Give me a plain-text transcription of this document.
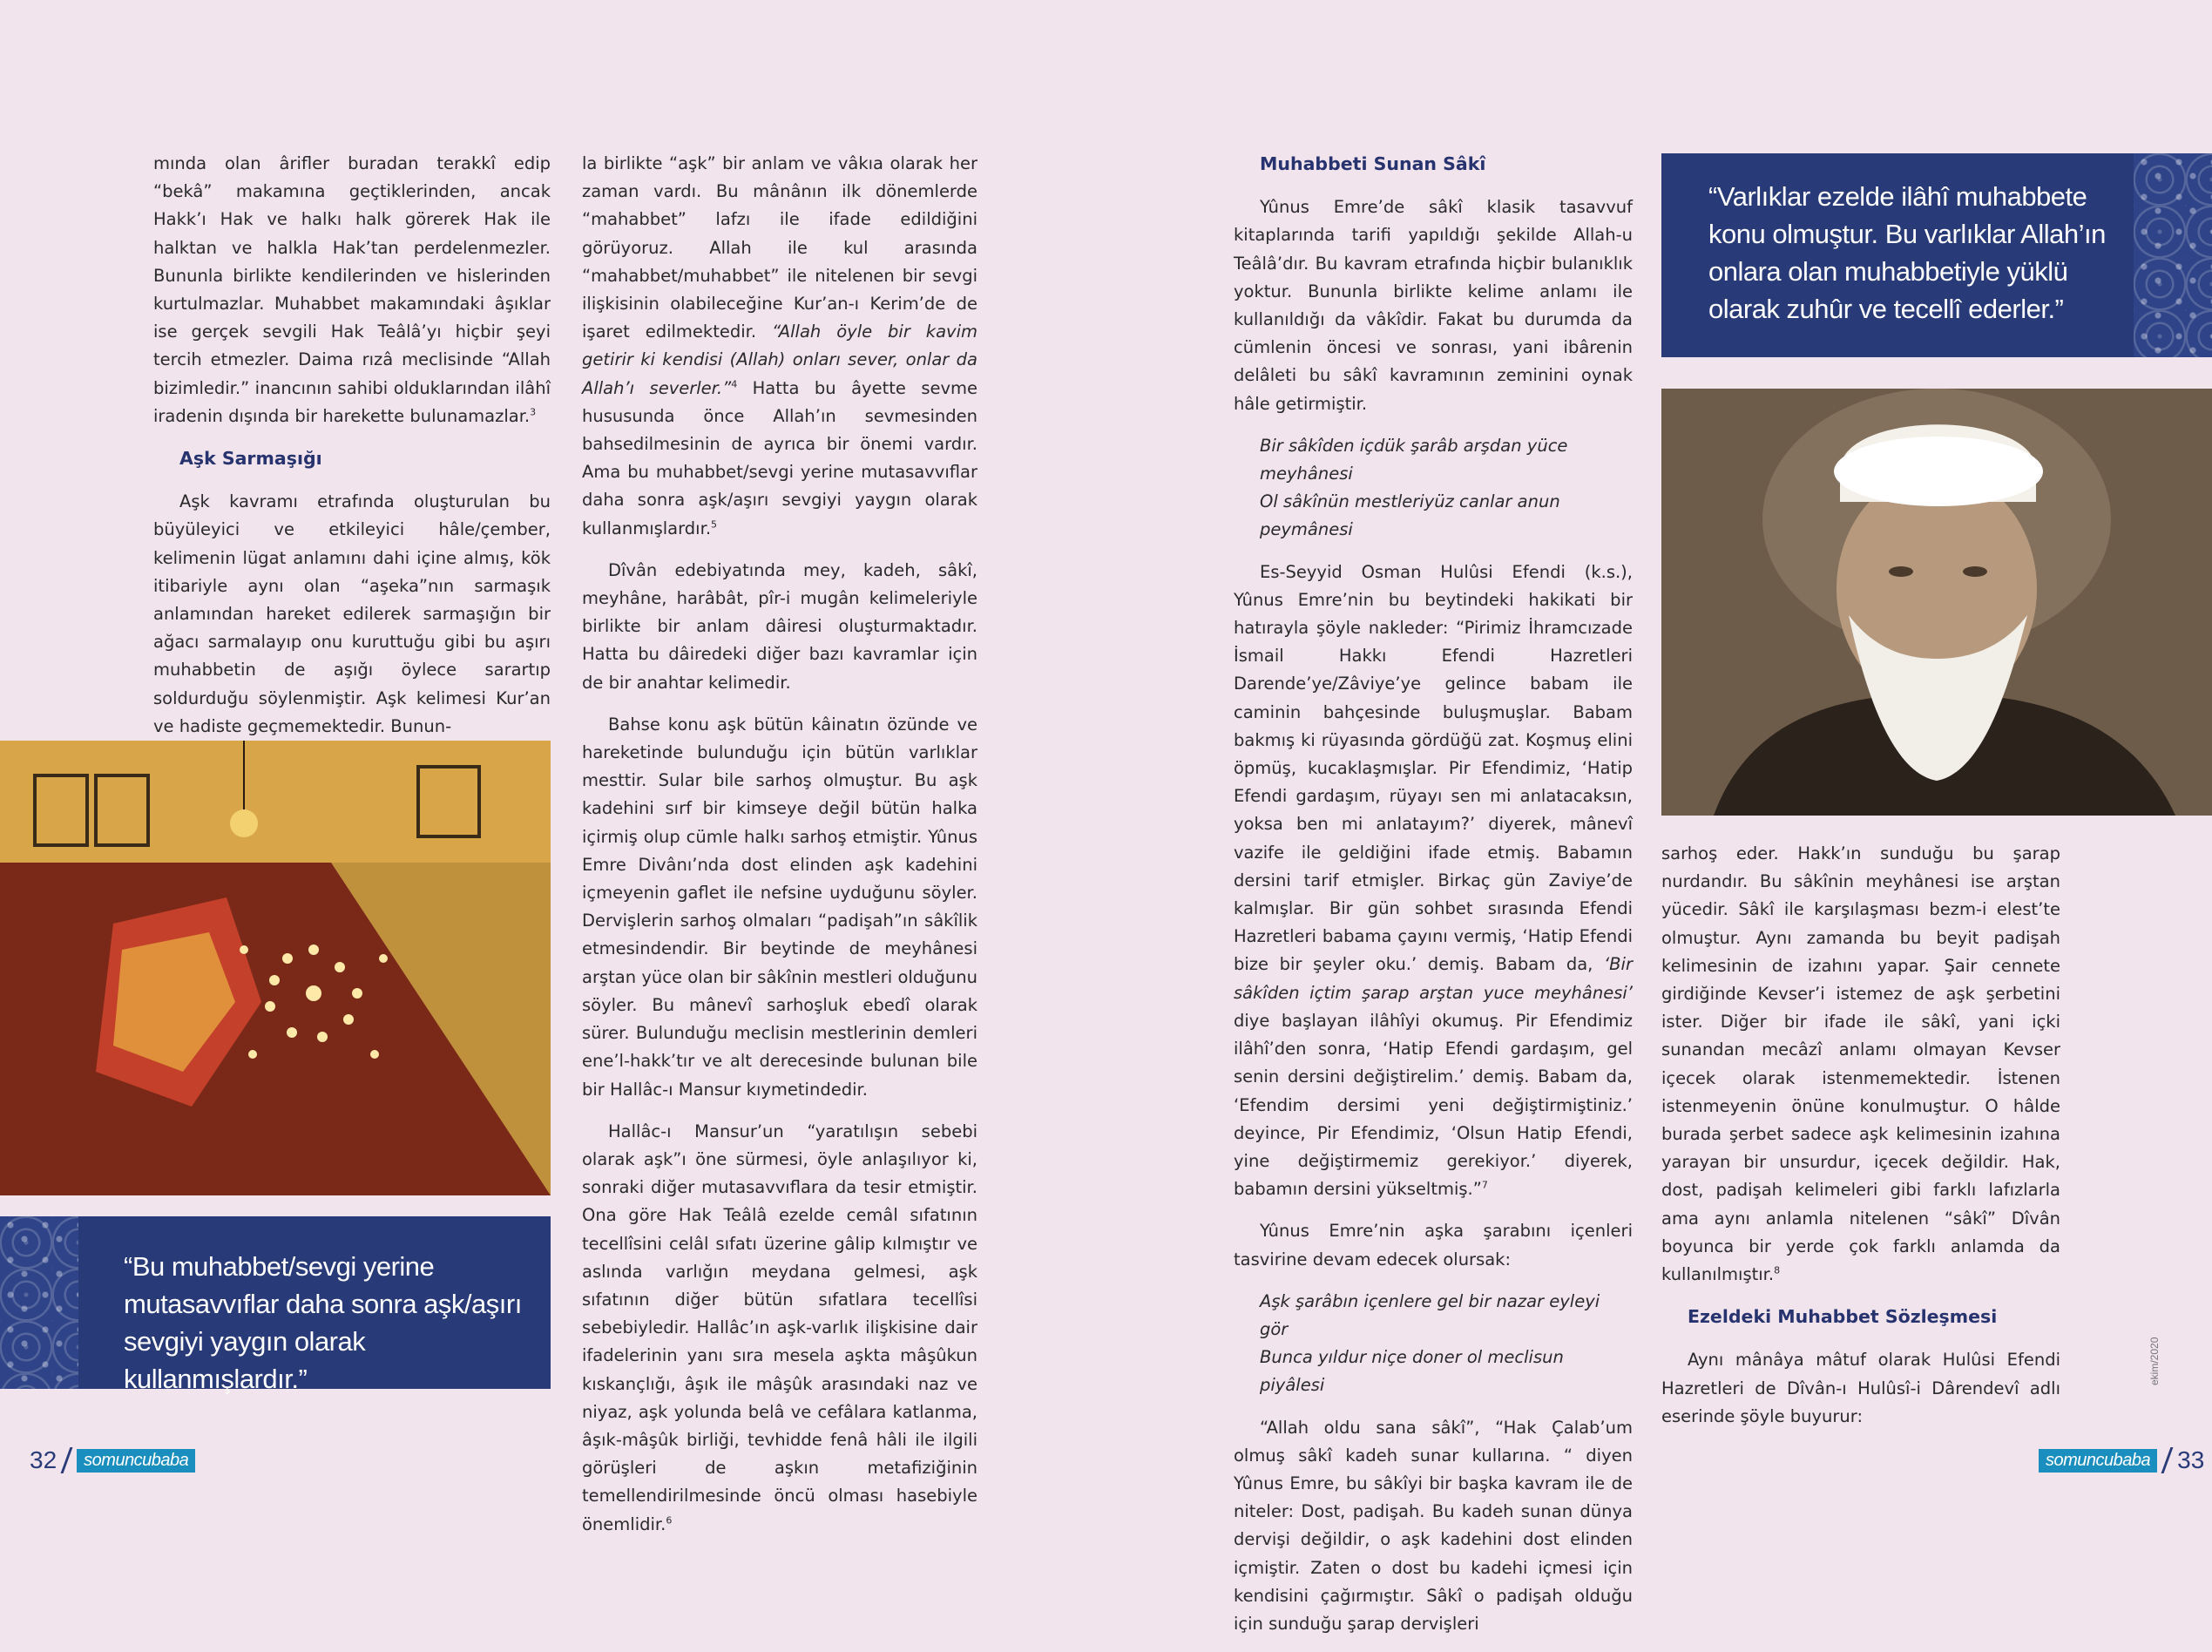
mında olan ârifler buradan terakkî edip “bekâ” makamına geçtiklerinden, ancak Hakk’ı Hak ve halkı halk görerek Hak ile halktan ve halkla Hak’tan perdelenmezler. Bununla birlikte kendilerinden ve hislerinden kurtulmazlar. Muhabbet makamındaki âşıklar ise gerçek sevgili Hak Teâlâ’yı hiçbir şeyi tercih etmezler. Daima rızâ meclisinde “Allah bizimledir.” inancının sahibi olduklarından ilâhî iradenin dışında bir harekette bulunamazlar.$^3$

Aşk Sarmaşığı

Aşk kavramı etrafında oluşturulan bu büyüleyici ve etkileyici hâle/çember, kelimenin lügat anlamını dahi içine almış, kök itibariyle aynı olan “aşeka”nın sarmaşık anlamından hareket edilerek sarmaşığın bir ağacı sarmalayıp onu kuruttuğu gibi bu aşırı muhabbetin de aşığı öylece sarartıp soldurduğu söylenmiştir. Aşk kelimesi Kur’an ve hadiste geçmemektedir. Bunun-

la birlikte “aşk” bir anlam ve vâkıa olarak her zaman vardı. Bu mânânın ilk dönemlerde “mahabbet” lafzı ile ifade edildiğini görüyoruz. Allah ile kul arasında “mahabbet/muhabbet” ile nitelenen bir sevgi ilişkisinin olabileceğine Kur’an-ı Kerim’de de işaret edilmektedir. “Allah öyle bir kavim getirir ki kendisi (Allah) onları sever, onlar da Allah’ı severler.”$^4$ Hatta bu âyette sevme hususunda önce Allah’ın sevmesinden bahsedilmesinin de ayrıca bir önemi vardır. Ama bu muhabbet/sevgi yerine mutasavvıflar daha sonra aşk/aşırı sevgiyi yaygın olarak kullanmışlardır.$^5$

Dîvân edebiyatında mey, kadeh, sâkî, meyhâne, harâbât, pîr-i mugân kelimeleriyle birlikte bir anlam dâiresi oluşturmaktadır. Hatta bu dâiredeki diğer bazı kavramlar için de bir anahtar kelimedir.

Bahse konu aşk bütün kâinatın özünde ve hareketinde bulunduğu için bütün varlıklar mesttir. Sular bile sarhoş olmuştur. Bu aşk kadehini sırf bir kimseye değil bütün halka içirmiş olup cümle halkı sarhoş etmiştir. Yûnus Emre Divânı’nda dost elinden aşk kadehini içmeyenin gaflet ile nefsine uyduğunu söyler. Dervişlerin sarhoş olmaları “padişah”ın sâkîlik etmesindendir. Bir beytinde de meyhânesi arştan yüce olan bir sâkînin mestleri olduğunu söyler. Bu mânevî sarhoşluk ebedî olarak sürer. Bulunduğu meclisin mestlerinin demleri ene’l-hakk’tır ve alt derecesinde bulunan bile bir Hallâc-ı Mansur kıymetindedir.

Hallâc-ı Mansur’un “yaratılışın sebebi olarak aşk”ı öne sürmesi, öyle anlaşılıyor ki, sonraki diğer mutasavvıflara da tesir etmiştir. Ona göre Hak Teâlâ ezelde cemâl sıfatının tecellîsini celâl sıfatı üzerine gâlip kılmıştır ve aslında varlığın meydana gelmesi, aşk sıfatının diğer bütün sıfatlara tecellîsi sebebiyledir. Hallâc’ın aşk-varlık ilişkisine dair ifadelerinin yanı sıra mesela aşkta mâşûkun kıskançlığı, âşık ile mâşûk arasındaki naz ve niyaz, aşk yolunda belâ ve cefâlara katlanma, âşık-mâşûk birliği, tevhidde fenâ hâli ile ilgili görüşleri de aşkın metafiziğinin temellendirilmesinde öncü olması hasebiyle önemlidir.$^6$

“Bu muhabbet/sevgi yerine mutasavvıflar daha sonra aşk/aşırı sevgiyi yaygın olarak kullanmışlardır.”
32	somuncubaba
Muhabbeti Sunan Sâkî

Yûnus Emre’de sâkî klasik tasavvuf kitaplarında tarifi yapıldığı şekilde Allah-u Teâlâ’dır. Bu kavram etrafında hiçbir bulanıklık yoktur. Bununla birlikte kelime anlamı ile kullanıldığı da vâkîdir. Fakat bu durumda da cümlenin öncesi ve sonrası, yani ibârenin delâleti bu sâkî kavramının zeminini oynak hâle getirmiştir.

Bir sâkîden içdük şarâb arşdan yüce meyhânesi
Ol sâkînün mestleriyüz canlar anun peymânesi

Es-Seyyid Osman Hulûsi Efendi (k.s.), Yûnus Emre’nin bu beytindeki hakikati bir hatırayla şöyle nakleder: “Pirimiz İhramcızade İsmail Hakkı Efendi Hazretleri Darende’ye/Zâviye’ye gelince babam ile caminin bahçesinde buluşmuşlar. Babam bakmış ki rüyasında gördüğü zat. Koşmuş elini öpmüş, kucaklaşmışlar. Pir Efendimiz, ‘Hatip Efendi gardaşım, rüyayı sen mi anlatacaksın, yoksa ben mi anlatayım?’ diyerek, mânevî vazife ile geldiğini ifade etmiş. Babamın dersini tarif etmişler. Birkaç gün Zaviye’de kalmışlar. Bir gün sohbet sırasında Efendi Hazretleri babama çayını vermiş, ‘Hatip Efendi bize bir şeyler oku.’ demiş. Babam da, ‘Bir sâkîden içtim şarap arştan yuce meyhânesi’ diye başlayan ilâhîyi okumuş. Pir Efendimiz ilâhî’den sonra, ‘Hatip Efendi gardaşım, gel senin dersini değiştirelim.’ demiş. Babam da, ‘Efendim dersimi yeni değiştirmiştiniz.’ deyince, Pir Efendimiz, ‘Olsun Hatip Efendi, yine değiştirmemiz gerekiyor.’ diyerek, babamın dersini yükseltmiş.”$^7$

Yûnus Emre’nin aşka şarabını içenleri tasvirine devam edecek olursak:

Aşk şarâbın içenlere gel bir nazar eyleyi gör
Bunca yıldur niçe doner ol meclisun piyâlesi

“Allah oldu sana sâkî”, “Hak Çalab’um olmuş sâkî kadeh sunar kullarına. “ diyen Yûnus Emre, bu sâkîyi bir başka kavram ile de niteler: Dost, padişah. Bu kadeh sunan dünya dervişi değildir, o aşk kadehini dost elinden içmiştir. Zaten o dost bu kadehi içmesi için kendisini çağırmıştır. Sâkî o padişah olduğu için sunduğu şarap dervişleri

sarhoş eder. Hakk’ın sunduğu bu şarap nurdandır. Bu sâkînin meyhânesi ise arştan yücedir. Sâkî ile karşılaşması bezm-i elest’te olmuştur. Aynı zamanda bu beyit padişah kelimesinin de izahını yapar. Şair cennete girdiğinde Kevser’i istemez de aşk şerbetini ister. Diğer bir ifade ile sâkî, yani içki sunandan mecâzî anlamı olmayan Kevser içecek olarak istenmemektedir. İstenen istenmeyenin önüne konulmuştur. O hâlde burada şerbet sadece aşk kelimesinin izahına yarayan bir unsurdur, içecek değildir. Hak, dost, padişah kelimeleri gibi farklı lafızlarla ama aynı anlamla nitelenen “sâkî” Dîvân boyunca bir yerde çok farklı anlamda da kullanılmıştır.$^8$

Ezeldeki Muhabbet Sözleşmesi

Aynı mânâya mâtuf olarak Hulûsi Efendi Hazretleri de Dîvân-ı Hulûsî-i Dârendevî adlı eserinde şöyle buyurur:

somuncubaba 33
“Varlıklar ezelde ilâhî muhabbete konu olmuştur. Bu varlıklar Allah’ın onlara olan muhabbetiyle yüklü olarak zuhûr ve tecellî ederler.”
ekim/2020
